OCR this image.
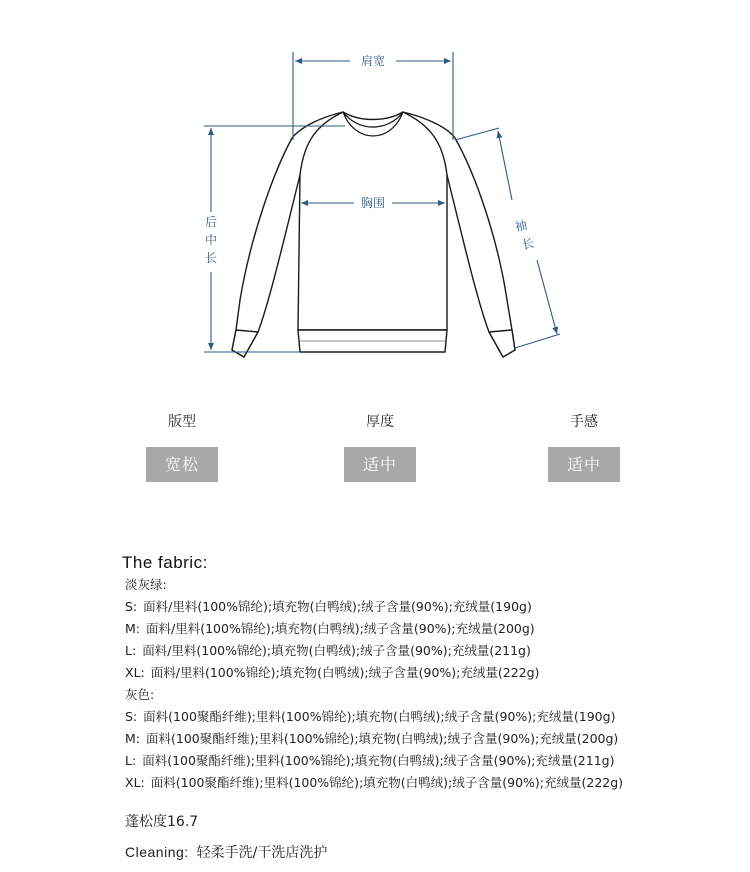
肩宽
胸围
后
中
长
袖
长
版型
宽松
厚度
适中
手感
适中
The fabric:
淡灰绿:
S: 面料/里料(100%锦纶);填充物(白鸭绒);绒子含量(90%);充绒量(190g)
M: 面料/里料(100%锦纶);填充物(白鸭绒);绒子含量(90%);充绒量(200g)
L: 面料/里料(100%锦纶);填充物(白鸭绒);绒子含量(90%);充绒量(211g)
XL: 面料/里料(100%锦纶);填充物(白鸭绒);绒子含量(90%);充绒量(222g)
灰色:
S: 面料(100聚酯纤维);里料(100%锦纶);填充物(白鸭绒);绒子含量(90%);充绒量(190g)
M: 面料(100聚酯纤维);里料(100%锦纶);填充物(白鸭绒);绒子含量(90%);充绒量(200g)
L: 面料(100聚酯纤维);里料(100%锦纶);填充物(白鸭绒);绒子含量(90%);充绒量(211g)
XL: 面料(100聚酯纤维);里料(100%锦纶);填充物(白鸭绒);绒子含量(90%);充绒量(222g)
蓬松度16.7
Cleaning: 轻柔手洗/干洗店洗护
